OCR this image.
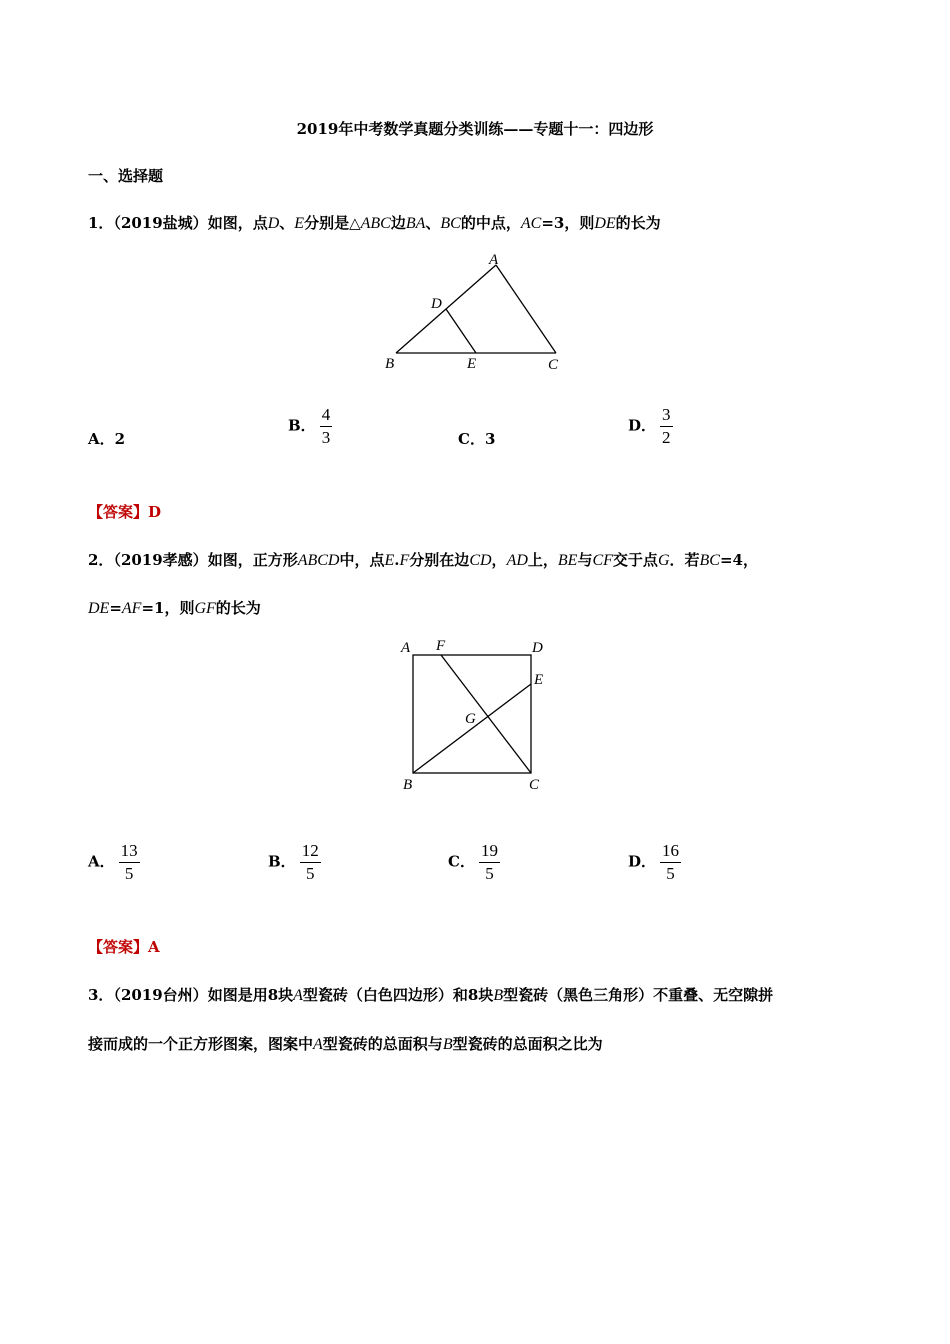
2019年中考数学真题分类训练——专题十一：四边形
一、选择题
1．（2019盐城）如图，点D、E分别是△ABC边BA、BC的中点，AC=3，则DE的长为
A
B	C
D
E
A．2
B． $\frac{4}{3}$	C．3
D． $\frac{3}{2}$
【答案】D
2．（2019孝感）如图，正方形ABCD中，点E.F分别在边CD，AD上，BE与CF交于点G．若BC=4，
DE=AF=1，则GF的长为
A F	D
E
G
B	C
A． $\frac{13}{5}$	B． $\frac{12}{5}$	C． $\frac{19}{5}$	D． $\frac{16}{5}$
【答案】A
3．（2019台州）如图是用8块A型瓷砖（白色四边形）和8块B型瓷砖（黑色三角形）不重叠、无空隙拼
接而成的一个正方形图案，图案中A型瓷砖的总面积与B型瓷砖的总面积之比为
